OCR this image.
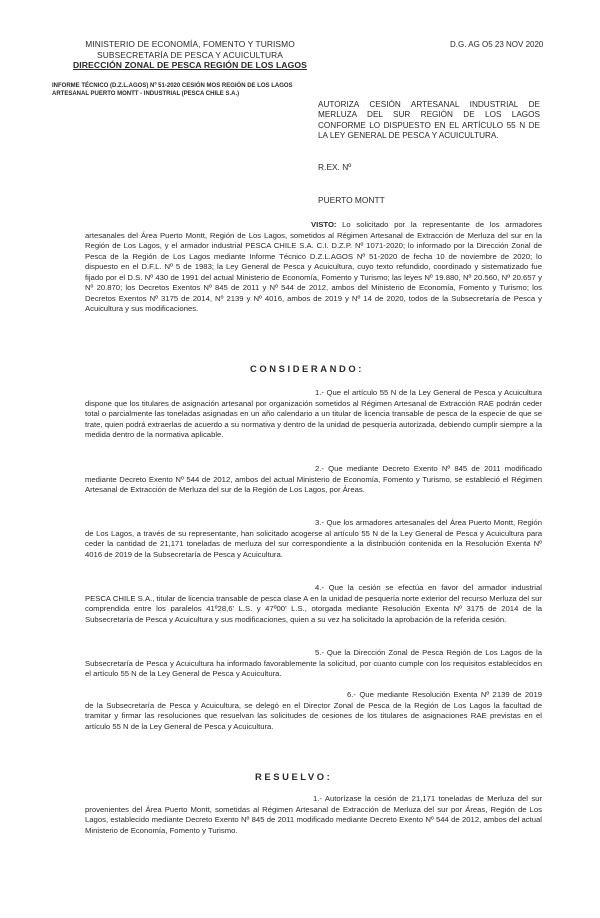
MINISTERIO DE ECONOMÍA, FOMENTO Y TURISMO
SUBSECRETARÍA DE PESCA Y ACUICULTURA
DIRECCIÓN ZONAL DE PESCA REGIÓN DE LOS LAGOS
INFORME TÉCNICO (D.Z.L.AGOS) Nº 51-2020 CESIÓN MOS REGIÓN DE LOS LAGOS
ARTESANAL PUERTO MONTT - INDUSTRIAL (PESCA CHILE S.A.)
D.G. AG O5 23 NOV 2020
AUTORIZA CESIÓN ARTESANAL INDUSTRIAL DE MERLUZA DEL SUR REGIÓN DE LOS LAGOS CONFORME LO DISPUESTO EN EL ARTÍCULO 55 N DE LA LEY GENERAL DE PESCA Y ACUICULTURA.
R.EX. Nº
PUERTO MONTT
VISTO: Lo solicitado por la representante de los armadores artesanales del Área Puerto Montt, Región de Los Lagos, sometidos al Régimen Artesanal de Extracción de Merluza del sur en la Región de Los Lagos, y el armador industrial PESCA CHILE S.A. C.I. D.Z.P. Nº 1071-2020; lo informado por la Dirección Zonal de Pesca de la Región de Los Lagos mediante Informe Técnico D.Z.L.AGOS Nº 51-2020 de fecha 10 de noviembre de 2020; lo dispuesto en el D.F.L. Nº 5 de 1983; la Ley General de Pesca y Acuicultura, cuyo texto refundido, coordinado y sistematizado fue fijado por el D.S. Nº 430 de 1991 del actual Ministerio de Economía, Fomento y Turismo; las leyes Nº 19.880, Nº 20.560, Nº 20.657 y Nº 20.870; los Decretos Exentos Nº 845 de 2011 y Nº 544 de 2012, ambos del Ministerio de Economía, Fomento y Turismo; los Decretos Exentos Nº 3175 de 2014, Nº 2139 y Nº 4016, ambos de 2019 y Nº 14 de 2020, todos de la Subsecretaría de Pesca y Acuicultura y sus modificaciones.
CONSIDERANDO:
1.- Que el artículo 55 N de la Ley General de Pesca y Acuicultura dispone que los titulares de asignación artesanal por organización sometidos al Régimen Artesanal de Extracción RAE podrán ceder total o parcialmente las toneladas asignadas en un año calendario a un titular de licencia transable de pesca de la especie de que se trate, quien podrá extraerlas de acuerdo a su normativa y dentro de la unidad de pesquería autorizada, debiendo cumplir siempre a la medida dentro de la normativa aplicable.
2.- Que mediante Decreto Exento Nº 845 de 2011 modificado mediante Decreto Exento Nº 544 de 2012, ambos del actual Ministerio de Economía, Fomento y Turismo, se estableció el Régimen Artesanal de Extracción de Merluza del sur de la Región de Los Lagos, por Áreas.
3.- Que los armadores artesanales del Área Puerto Montt, Región de Los Lagos, a través de su representante, han solicitado acogerse al artículo 55 N de la Ley General de Pesca y Acuicultura para ceder la cantidad de 21,171 toneladas de merluza del sur correspondiente a la distribución contenida en la Resolución Exenta Nº 4016 de 2019 de la Subsecretaría de Pesca y Acuicultura.
4.- Que la cesión se efectúa en favor del armador industrial PESCA CHILE S.A., titular de licencia transable de pesca clase A en la unidad de pesquería norte exterior del recurso Merluza del sur comprendida entre los paralelos 41º28,6' L.S. y 47º00' L.S., otorgada mediante Resolución Exenta Nº 3175 de 2014 de la Subsecretaría de Pesca y Acuicultura y sus modificaciones, quien a su vez ha solicitado la aprobación de la referida cesión.
5.- Que la Dirección Zonal de Pesca Región de Los Lagos de la Subsecretaría de Pesca y Acuicultura ha informado favorablemente la solicitud, por cuanto cumple con los requisitos establecidos en el artículo 55 N de la Ley General de Pesca y Acuicultura.
6.- Que mediante Resolución Exenta Nº 2139 de 2019 de la Subsecretaría de Pesca y Acuicultura, se delegó en el Director Zonal de Pesca de la Región de Los Lagos la facultad de tramitar y firmar las resoluciones que resuelvan las solicitudes de cesiones de los titulares de asignaciones RAE previstas en el artículo 55 N de la Ley General de Pesca y Acuicultura.
RESUELVO:
1.- Autorízase la cesión de 21,171 toneladas de Merluza del sur provenientes del Área Puerto Montt, sometidas al Régimen Artesanal de Extracción de Merluza del sur por Áreas, Región de Los Lagos, establecido mediante Decreto Exento Nº 845 de 2011 modificado mediante Decreto Exento Nº 544 de 2012, ambos del actual Ministerio de Economía, Fomento y Turismo.
